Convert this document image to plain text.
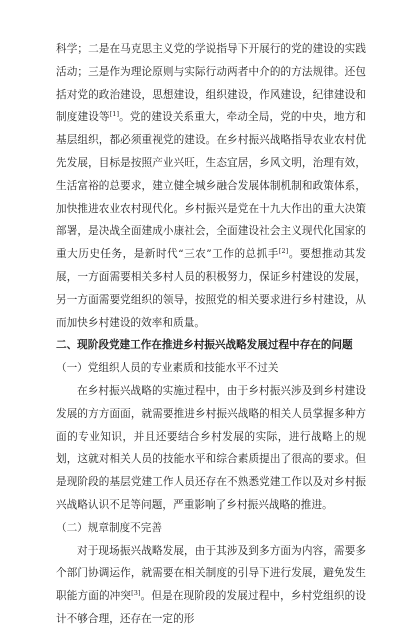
科学；二是在马克思主义党的学说指导下开展行的党的建设的实践活动；三是作为理论原则与实际行动两者中介的的方法规律。还包括对党的政治建设，思想建设，组织建设，作风建设，纪律建设和制度建设等[1]。党的建设关系重大，牵动全局，党的中央，地方和基层组织，都必须重视党的建设。在乡村振兴战略指导农业农村优先发展，目标是按照产业兴旺，生态宜居，乡风文明，治理有效，生活富裕的总要求，建立健全城乡融合发展体制机制和政策体系，加快推进农业农村现代化。乡村振兴是党在十九大作出的重大决策部署，是决战全面建成小康社会，全面建设社会主义现代化国家的重大历史任务，是新时代“三农”工作的总抓手[2]。要想推动其发展，一方面需要相关多村人员的积极努力，保证乡村建设的发展，另一方面需要党组织的领导，按照党的相关要求进行乡村建设，从而加快乡村建设的效率和质量。

二、现阶段党建工作在推进乡村振兴战略发展过程中存在的问题
（一）党组织人员的专业素质和技能水平不过关

在乡村振兴战略的实施过程中，由于乡村振兴涉及到乡村建设发展的方方面面，就需要推进乡村振兴战略的相关人员掌握多种方面的专业知识，并且还要结合乡村发展的实际，进行战略上的规划，这就对相关人员的技能水平和综合素质提出了很高的要求。但是现阶段的基层党建工作人员还存在不熟悉党建工作以及对乡村振兴战略认识不足等问题，严重影响了乡村振兴战略的推进。

（二）规章制度不完善

对于现场振兴战略发展，由于其涉及到多方面为内容，需要多个部门协调运作，就需要在相关制度的引导下进行发展，避免发生职能方面的冲突[3]。但是在现阶段的发展过程中，乡村党组织的设计不够合理，还存在一定的形
